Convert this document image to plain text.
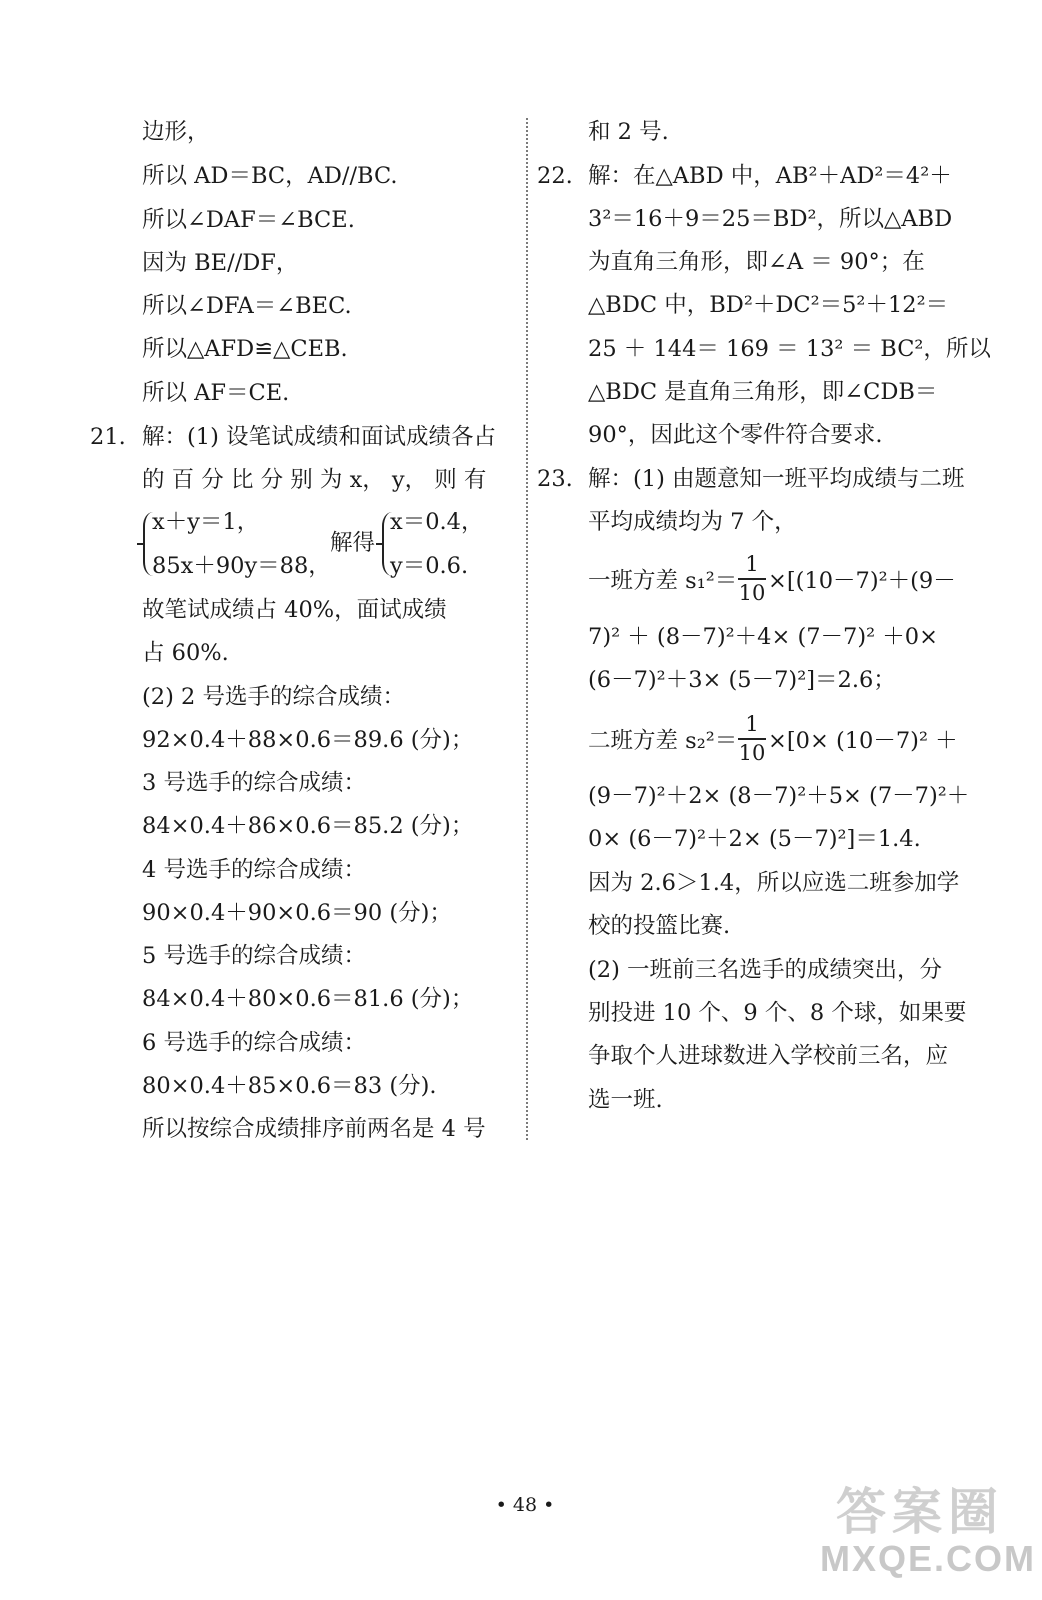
边形，
所以 AD＝BC，AD//BC.
所以∠DAF＝∠BCE.
因为 BE//DF，
所以∠DFA＝∠BEC.
所以△AFD≌△CEB.
所以 AF＝CE.
21. 解：(1) 设笔试成绩和面试成绩各占
的 百 分 比 分 别 为 x， y， 则 有
x＋y＝1，
85x＋90y＝88，
解得
x＝0.4，
y＝0.6.
故笔试成绩占 40%，面试成绩
占 60%.
(2) 2 号选手的综合成绩：
92×0.4＋88×0.6＝89.6 (分)；
3 号选手的综合成绩：
84×0.4＋86×0.6＝85.2 (分)；
4 号选手的综合成绩：
90×0.4＋90×0.6＝90 (分)；
5 号选手的综合成绩：
84×0.4＋80×0.6＝81.6 (分)；
6 号选手的综合成绩：
80×0.4＋85×0.6＝83 (分).
所以按综合成绩排序前两名是 4 号
和 2 号.
22. 解：在△ABD 中，AB²＋AD²＝4²＋
3²＝16＋9＝25＝BD²，所以△ABD
为直角三角形，即∠A ＝ 90°；在
△BDC 中，BD²＋DC²＝5²＋12²＝
25 ＋ 144＝ 169 ＝ 13² ＝ BC²，所以
△BDC 是直角三角形，即∠CDB＝
90°，因此这个零件符合要求.
23. 解：(1) 由题意知一班平均成绩与二班
平均成绩均为 7 个，
一班方差 s₁²＝
1
10 ×[(10－7)²＋(9－
7)² ＋ (8－7)²＋4× (7－7)² ＋0×
(6－7)²＋3× (5－7)²]＝2.6；
二班方差 s₂²＝
1
10 ×[0× (10－7)² ＋
(9－7)²＋2× (8－7)²＋5× (7－7)²＋
0× (6－7)²＋2× (5－7)²]＝1.4.
因为 2.6＞1.4，所以应选二班参加学
校的投篮比赛.
(2) 一班前三名选手的成绩突出，分
别投进 10 个、9 个、8 个球，如果要
争取个人进球数进入学校前三名，应
选一班.
• 48 •	答案圈
MXQE.COM
